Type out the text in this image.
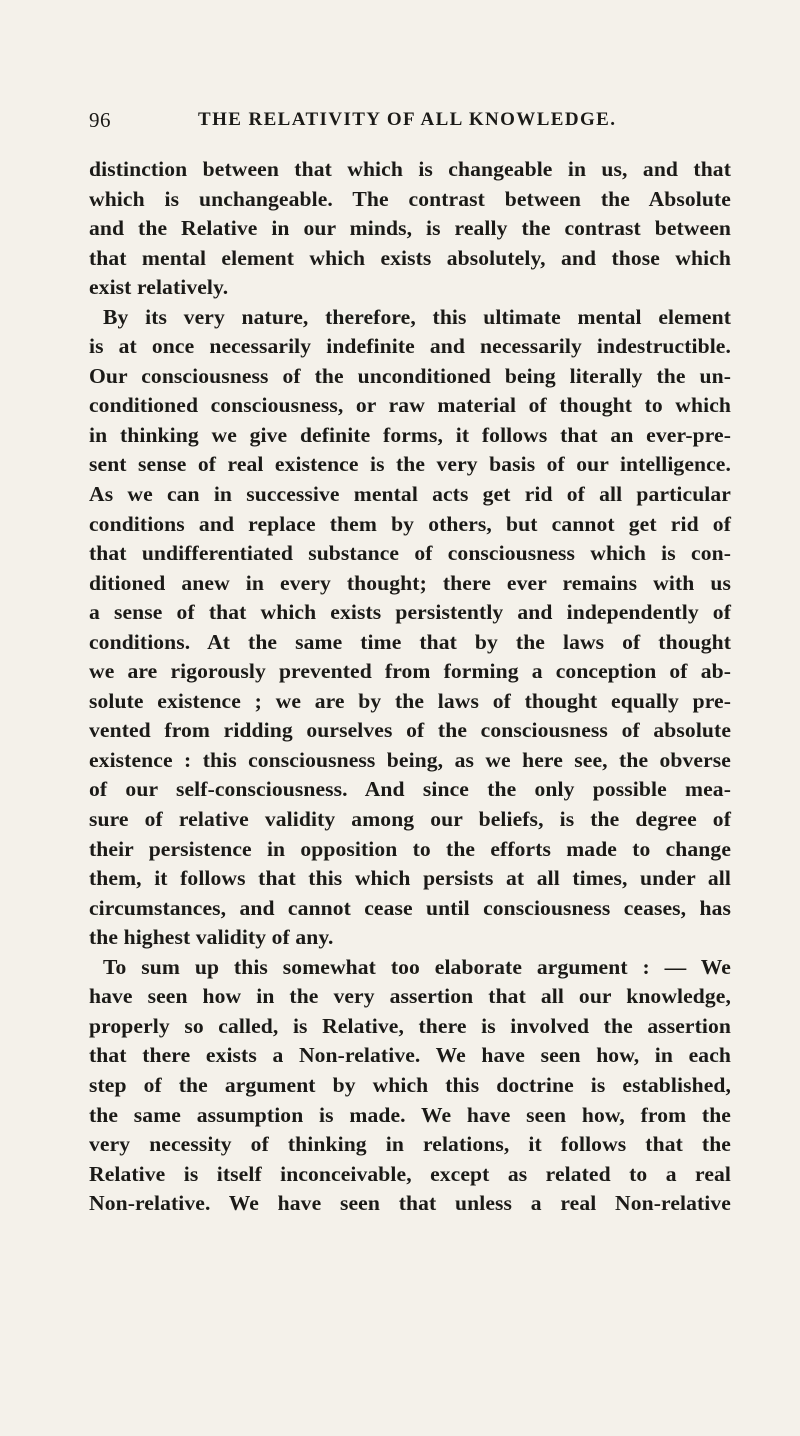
96	THE RELATIVITY OF ALL KNOWLEDGE.
distinction between that which is changeable in us, and that
which is unchangeable. The contrast between the Absolute
and the Relative in our minds, is really the contrast between
that mental element which exists absolutely, and those which
exist relatively.
By its very nature, therefore, this ultimate mental element
is at once necessarily indefinite and necessarily indestructible.
Our consciousness of the unconditioned being literally the un-
conditioned consciousness, or raw material of thought to which
in thinking we give definite forms, it follows that an ever-pre-
sent sense of real existence is the very basis of our intelligence.
As we can in successive mental acts get rid of all particular
conditions and replace them by others, but cannot get rid of
that undifferentiated substance of consciousness which is con-
ditioned anew in every thought; there ever remains with us
a sense of that which exists persistently and independently of
conditions. At the same time that by the laws of thought
we are rigorously prevented from forming a conception of ab-
solute existence ; we are by the laws of thought equally pre-
vented from ridding ourselves of the consciousness of absolute
existence : this consciousness being, as we here see, the obverse
of our self-consciousness. And since the only possible mea-
sure of relative validity among our beliefs, is the degree of
their persistence in opposition to the efforts made to change
them, it follows that this which persists at all times, under all
circumstances, and cannot cease until consciousness ceases, has
the highest validity of any.
To sum up this somewhat too elaborate argument : — We
have seen how in the very assertion that all our knowledge,
properly so called, is Relative, there is involved the assertion
that there exists a Non-relative. We have seen how, in each
step of the argument by which this doctrine is established,
the same assumption is made. We have seen how, from the
very necessity of thinking in relations, it follows that the
Relative is itself inconceivable, except as related to a real
Non-relative. We have seen that unless a real Non-relative
